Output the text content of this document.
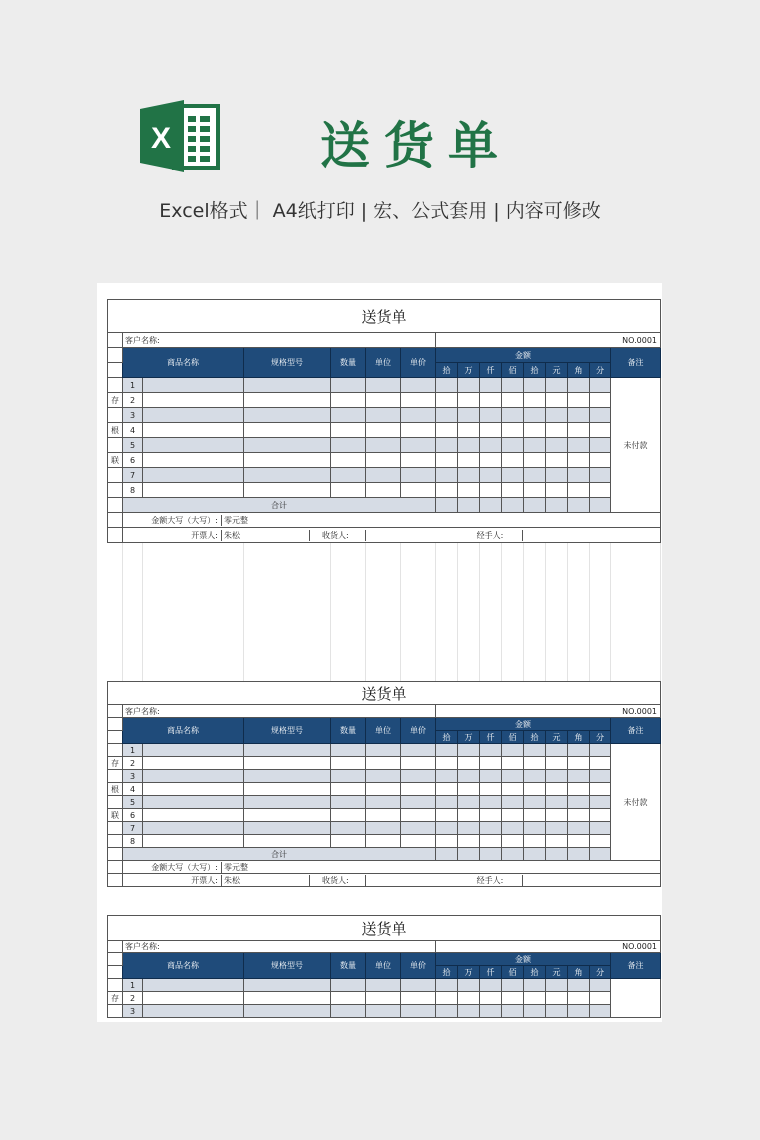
X	送货单
Excel格式｜ A4纸打印 | 宏、公式套用 | 内容可修改
送货单															
	客户名称:						NO.0001								
	商品名称		规格型号	数量	单位	单价	金额								备注
							拾	万	仟	佰	拾	元	角	分	
	1														未付款
存	2														
	3														
根	4														
	5														
联	6														
	7														
	8														
	合计														

金额大写（大写）: 零元整														

开票人: 朱松 收货人: 经手人:														
送货单															
	客户名称:						NO.0001								
	商品名称		规格型号	数量	单位	单价	金额								备注
							拾	万	仟	佰	拾	元	角	分	
	1														未付款
存	2														
	3														
根	4														
	5														
联	6														
	7														
	8														
	合计														

金额大写（大写）: 零元整														

开票人: 朱松 收货人: 经手人:														
送货单															
	客户名称:						NO.0001								
	商品名称		规格型号	数量	单位	单价	金额								备注
							拾	万	仟	佰	拾	元	角	分	
	1														
存	2														
	3														
